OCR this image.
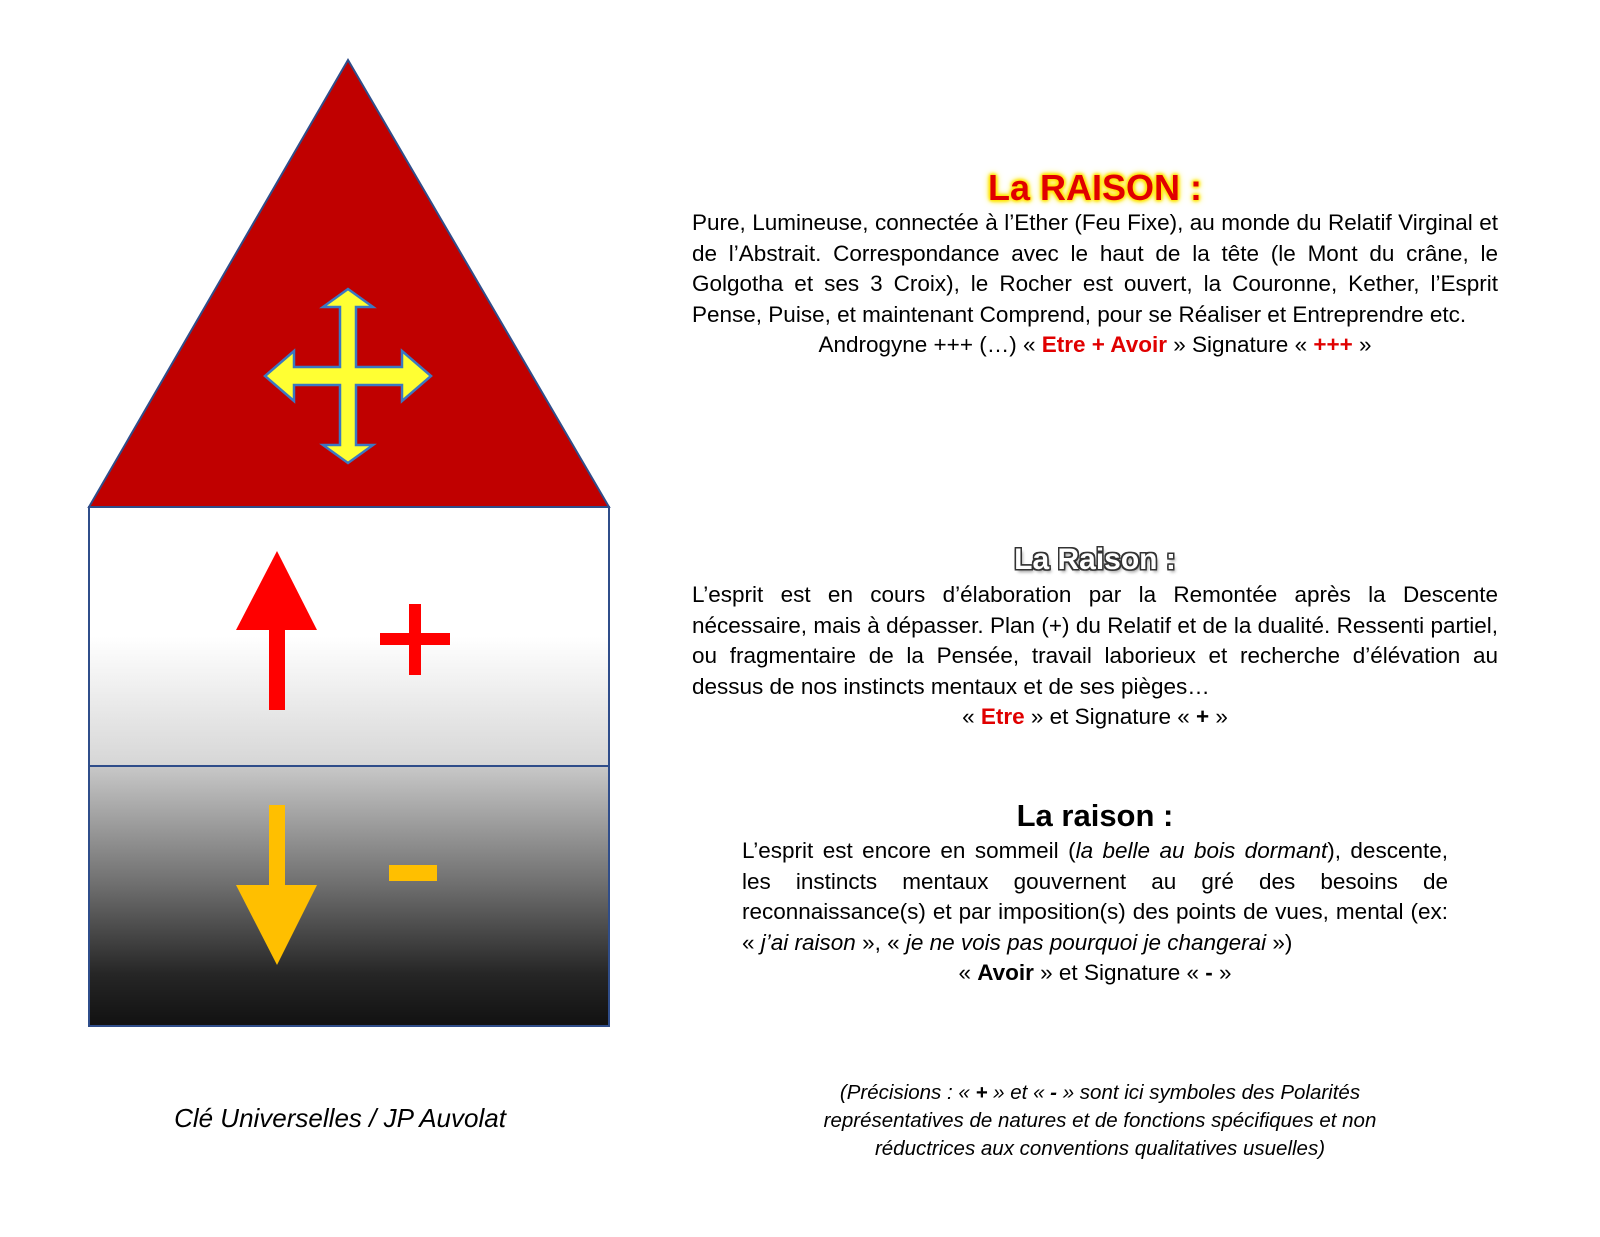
La RAISON :
Pure, Lumineuse, connectée à l’Ether (Feu Fixe), au monde du Relatif Virginal et de l’Abstrait. Correspondance avec le haut de la tête (le Mont du crâne, le Golgotha et ses 3 Croix), le Rocher est ouvert, la Couronne, Kether, l’Esprit Pense, Puise, et maintenant Comprend, pour se Réaliser et Entreprendre etc.
Androgyne +++ (…) « Etre + Avoir » Signature « +++ »
La Raison :
L’esprit est en cours d’élaboration par la Remontée après la Descente nécessaire, mais à dépasser. Plan (+) du Relatif et de la dualité. Ressenti partiel, ou fragmentaire de la Pensée, travail laborieux et recherche d’élévation au dessus de nos instincts mentaux et de ses pièges…
« Etre » et Signature « + »
La raison :
L’esprit est encore en sommeil (la belle au bois dormant), descente, les instincts mentaux gouvernent au gré des besoins de reconnaissance(s) et par imposition(s) des points de vues, mental (ex: « j’ai raison », « je ne vois pas pourquoi je changerai »)
« Avoir » et Signature « - »
Clé Universelles / JP Auvolat
(Précisions : « + » et « - » sont ici symboles des Polarités représentatives de natures et de fonctions spécifiques et non réductrices aux conventions qualitatives usuelles)
